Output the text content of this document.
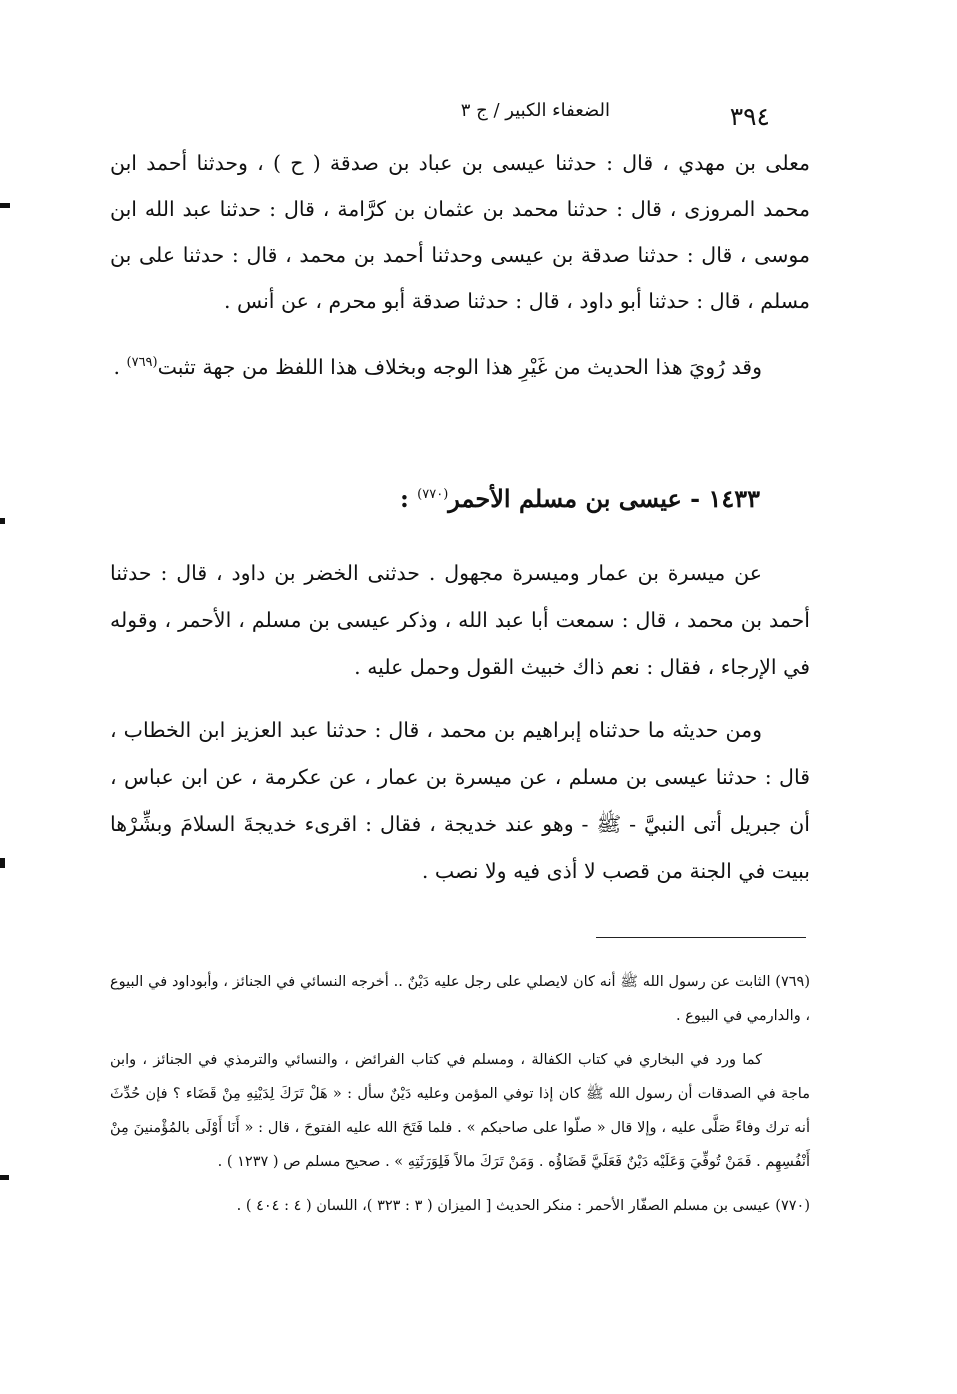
٣٩٤
الضعفاء الكبير / ج ٣

معلى بن مهدي ، قال : حدثنا عيسى بن عباد بن صدقة ( ح ) ، وحدثنا أحمد ابن محمد المروزى ، قال : حدثنا محمد بن عثمان بن كرَّامة ، قال : حدثنا عبد الله ابن موسى ، قال : حدثنا صدقة بن عيسى وحدثنا أحمد بن محمد ، قال : حدثنا على بن مسلم ، قال : حدثنا أبو داود ، قال : حدثنا صدقة أبو محرم ، عن أنس .

وقد رُويَ هذا الحديث من غَيْرِ هذا الوجه وبخلاف هذا اللفظ من جهة تثبت$^{(٧٦٩)}$ .

١٤٣٣ - عيسى بن مسلم الأحمر$^{(٧٧٠)}$ :

عن ميسرة بن عمار وميسرة مجهول . حدثنى الخضر بن داود ، قال : حدثنا أحمد بن محمد ، قال : سمعت أبا عبد الله ، وذكر عيسى بن مسلم ، الأحمر ، وقوله في الإرجاء ، فقال : نعم ذاك خبيث القول وحمل عليه .

ومن حديثه ما حدثناه إبراهيم بن محمد ، قال : حدثنا عبد العزيز ابن الخطاب ، قال : حدثنا عيسى بن مسلم ، عن ميسرة بن عمار ، عن عكرمة ، عن ابن عباس ، أن جبريل أتى النبيَّ - ﷺ - وهو عند خديجة ، فقال : اقرىء خديجةَ السلامَ وبشِّرْها ببيت في الجنة من قصب لا أذى فيه ولا نصب .

(٧٦٩) الثابت عن رسول الله ﷺ أنه كان لايصلي على رجل عليه دَيْنٌ .. أخرجه النسائي في الجنائز ، وأبوداود في البيوع ، والدارمي في البيوع .

كما ورد في البخاري في كتاب الكفالة ، ومسلم في كتاب الفرائض ، والنسائي والترمذي في الجنائز ، وابن ماجة في الصدقات أن رسول الله ﷺ كان إذا توفي المؤمن وعليه دَيْنٌ سأل : « هَلْ تَرَكَ لِدَيْنِهِ مِنْ قَضَاء ؟ فإن حُدِّثَ أنه ترك وفاءً صَلَّى عليه ، وإلا قال « صلّوا على صاحبكم » . فلما فَتَحَ الله عليه الفتوحَ ، قال : « أَنَا أَوْلَى بالمُؤْمنينَ مِنْ أَنْفُسِهِم . فَمَنْ تُوفِّيَ وَعَلَيْه دَيْنٌ فَعَلَيَّ قَضَاؤُه . وَمَنْ تَرَكَ مالاً فَلِوَرَثَتِهِ » . صحيح مسلم ص ( ١٢٣٧ ) .

(٧٧٠) عيسى بن مسلم الصفّار الأحمر : منكر الحديث [ الميزان ( ٣ : ٣٢٣ )، اللسان ( ٤ : ٤٠٤ ) .
